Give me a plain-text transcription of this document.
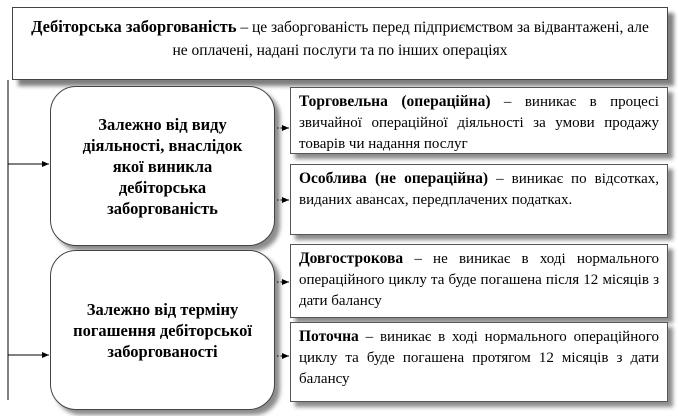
Дебіторська заборгованість – це заборгованість перед підприємством за відвантажені, але не оплачені, надані послуги та по інших операціях
Залежно від виду діяльності, внаслідок якої виникла дебіторська заборгованість
Залежно від терміну погашення дебіторської заборгованості
Торговельна (операційна) – виникає в процесі звичайної операційної діяльності за умови продажу товарів чи надання послуг
Особлива (не операційна) – виникає по відсотках, виданих авансах, передплачених податках.
Довгострокова – не виникає в ході нормального операційного циклу та буде погашена після 12 місяців з дати балансу
Поточна – виникає в ході нормального операційного циклу та буде погашена протягом 12 місяців з дати балансу
